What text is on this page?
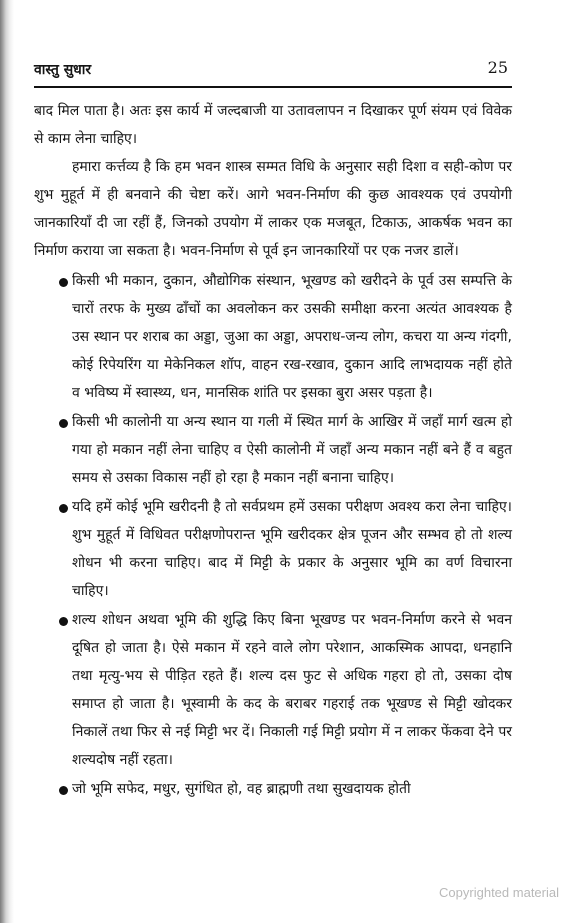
वास्तु सुधार	25

बाद मिल पाता है। अतः इस कार्य में जल्दबाजी या उतावलापन न दिखाकर पूर्ण संयम एवं विवेक से काम लेना चाहिए।

हमारा कर्त्तव्य है कि हम भवन शास्त्र सम्मत विधि के अनुसार सही दिशा व सही-कोण पर शुभ मुहूर्त में ही बनवाने की चेष्टा करें। आगे भवन-निर्माण की कुछ आवश्यक एवं उपयोगी जानकारियाँ दी जा रहीं हैं, जिनको उपयोग में लाकर एक मजबूत, टिकाऊ, आकर्षक भवन का निर्माण कराया जा सकता है। भवन-निर्माण से पूर्व इन जानकारियों पर एक नजर डालें।

किसी भी मकान, दुकान, औद्योगिक संस्थान, भूखण्ड को खरीदने के पूर्व उस सम्पत्ति के चारों तरफ के मुख्य ढाँचों का अवलोकन कर उसकी समीक्षा करना अत्यंत आवश्यक है उस स्थान पर शराब का अड्डा, जुआ का अड्डा, अपराध-जन्य लोग, कचरा या अन्य गंदगी, कोई रिपेयरिंग या मेकेनिकल शॉप, वाहन रख-रखाव, दुकान आदि लाभदायक नहीं होते व भविष्य में स्वास्थ्य, धन, मानसिक शांति पर इसका बुरा असर पड़ता है।
किसी भी कालोनी या अन्य स्थान या गली में स्थित मार्ग के आखिर में जहाँ मार्ग खत्म हो गया हो मकान नहीं लेना चाहिए व ऐसी कालोनी में जहाँ अन्य मकान नहीं बने हैं व बहुत समय से उसका विकास नहीं हो रहा है मकान नहीं बनाना चाहिए।
यदि हमें कोई भूमि खरीदनी है तो सर्वप्रथम हमें उसका परीक्षण अवश्य करा लेना चाहिए। शुभ मुहूर्त में विधिवत परीक्षणोपरान्त भूमि खरीदकर क्षेत्र पूजन और सम्भव हो तो शल्य शोधन भी करना चाहिए। बाद में मिट्टी के प्रकार के अनुसार भूमि का वर्ण विचारना चाहिए।
शल्य शोधन अथवा भूमि की शुद्धि किए बिना भूखण्ड पर भवन-निर्माण करने से भवन दूषित हो जाता है। ऐसे मकान में रहने वाले लोग परेशान, आकस्मिक आपदा, धनहानि तथा मृत्यु-भय से पीड़ित रहते हैं। शल्य दस फुट से अधिक गहरा हो तो, उसका दोष समाप्त हो जाता है। भूस्वामी के कद के बराबर गहराई तक भूखण्ड से मिट्टी खोदकर निकालें तथा फिर से नई मिट्टी भर दें। निकाली गई मिट्टी प्रयोग में न लाकर फेंकवा देने पर शल्यदोष नहीं रहता।
जो भूमि सफेद, मधुर, सुगंधित हो, वह ब्राह्मणी तथा सुखदायक होती
Copyrighted material
